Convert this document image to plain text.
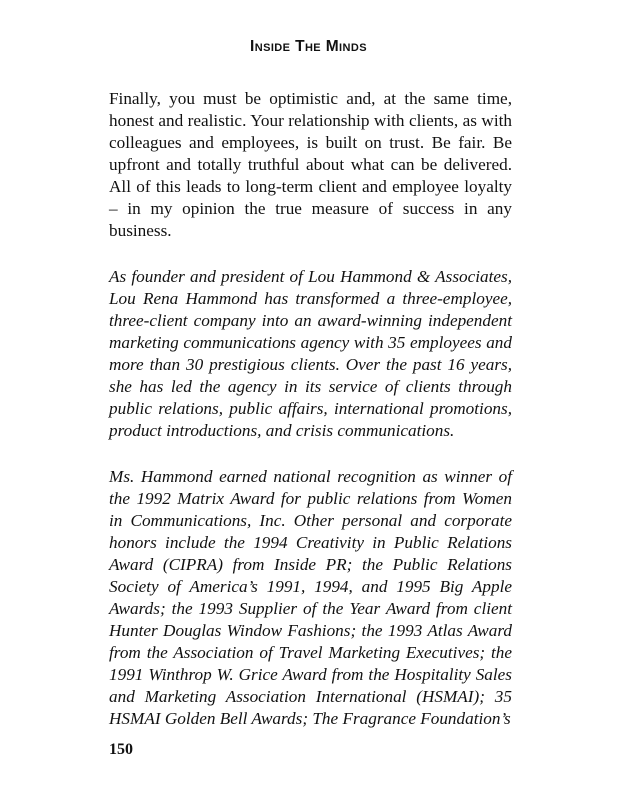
Inside The Minds

Finally, you must be optimistic and, at the same time, honest and realistic. Your relationship with clients, as with colleagues and employees, is built on trust. Be fair. Be upfront and totally truthful about what can be delivered. All of this leads to long-term client and employee loyalty – in my opinion the true measure of success in any business.

As founder and president of Lou Hammond & Associates, Lou Rena Hammond has transformed a three-employee, three-client company into an award-winning independent marketing communications agency with 35 employees and more than 30 prestigious clients. Over the past 16 years, she has led the agency in its service of clients through public relations, public affairs, international promotions, product introductions, and crisis communications.

Ms. Hammond earned national recognition as winner of the 1992 Matrix Award for public relations from Women in Communications, Inc. Other personal and corporate honors include the 1994 Creativity in Public Relations Award (CIPRA) from Inside PR; the Public Relations Society of America’s 1991, 1994, and 1995 Big Apple Awards; the 1993 Supplier of the Year Award from client Hunter Douglas Window Fashions; the 1993 Atlas Award from the Association of Travel Marketing Executives; the 1991 Winthrop W. Grice Award from the Hospitality Sales and Marketing Association International (HSMAI); 35 HSMAI Golden Bell Awards; The Fragrance Foundation’s

150
